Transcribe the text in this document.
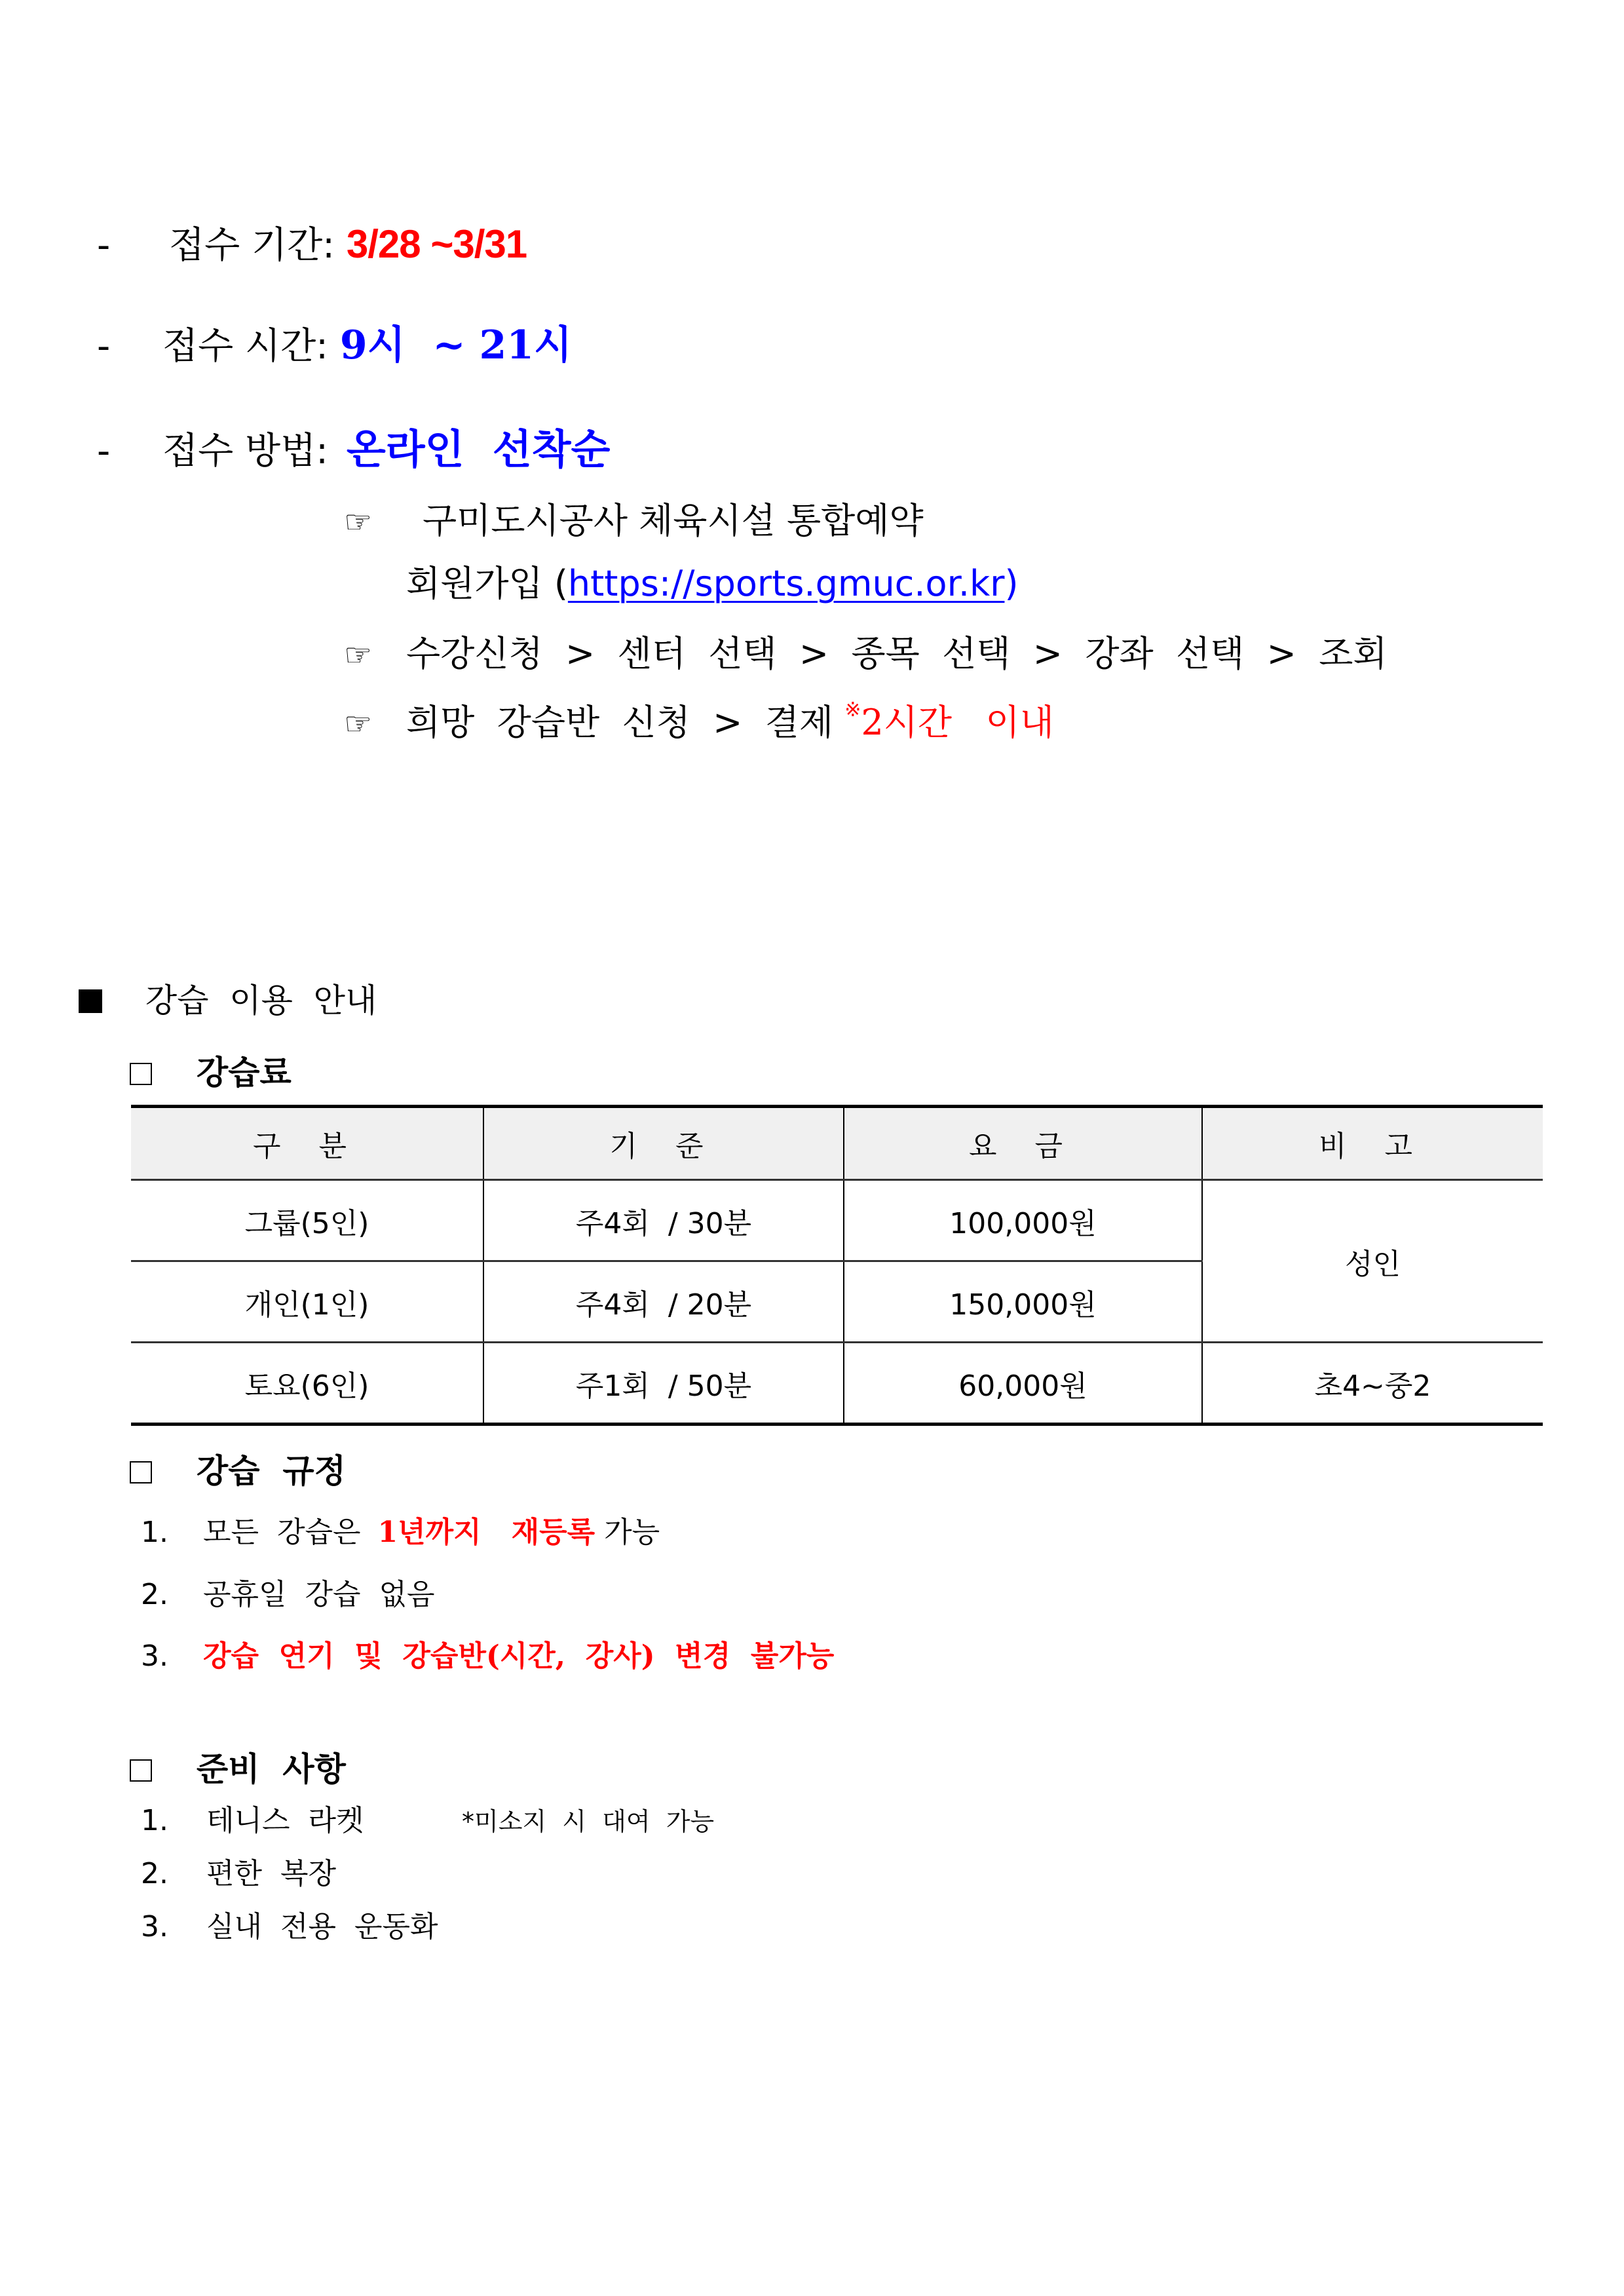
- 접수 기간: 3/28 ~3/31
- 접수 시간: 9시  ~ 21시
- 접수 방법: 온라인  선착순
☞ 구미도시공사 체육시설 통합예약
회원가입 (https://sports.gmuc.or.kr)
☞ 수강신청  >  센터  선택  >  종목  선택  >  강좌  선택  >  조회
☞ 희망  강습반  신청  >  결제 ※2시간   이내
강습  이용  안내
강습료
구 분	기 준	요 금	비 고
그룹(5인)	주4회  / 30분	100,000원	성인
개인(1인)	주4회  / 20분	150,000원	
토요(6인)	주1회  / 50분	60,000원	초4~중2
강습  규정
1. 모든  강습은 1년까지   재등록 가능
2. 공휴일  강습  없음
3. 강습  연기  및  강습반(시간,  강사)  변경  불가능
준비  사항
1. 테니스  라켓	*미소지  시  대여  가능
2. 편한  복장
3. 실내  전용  운동화
